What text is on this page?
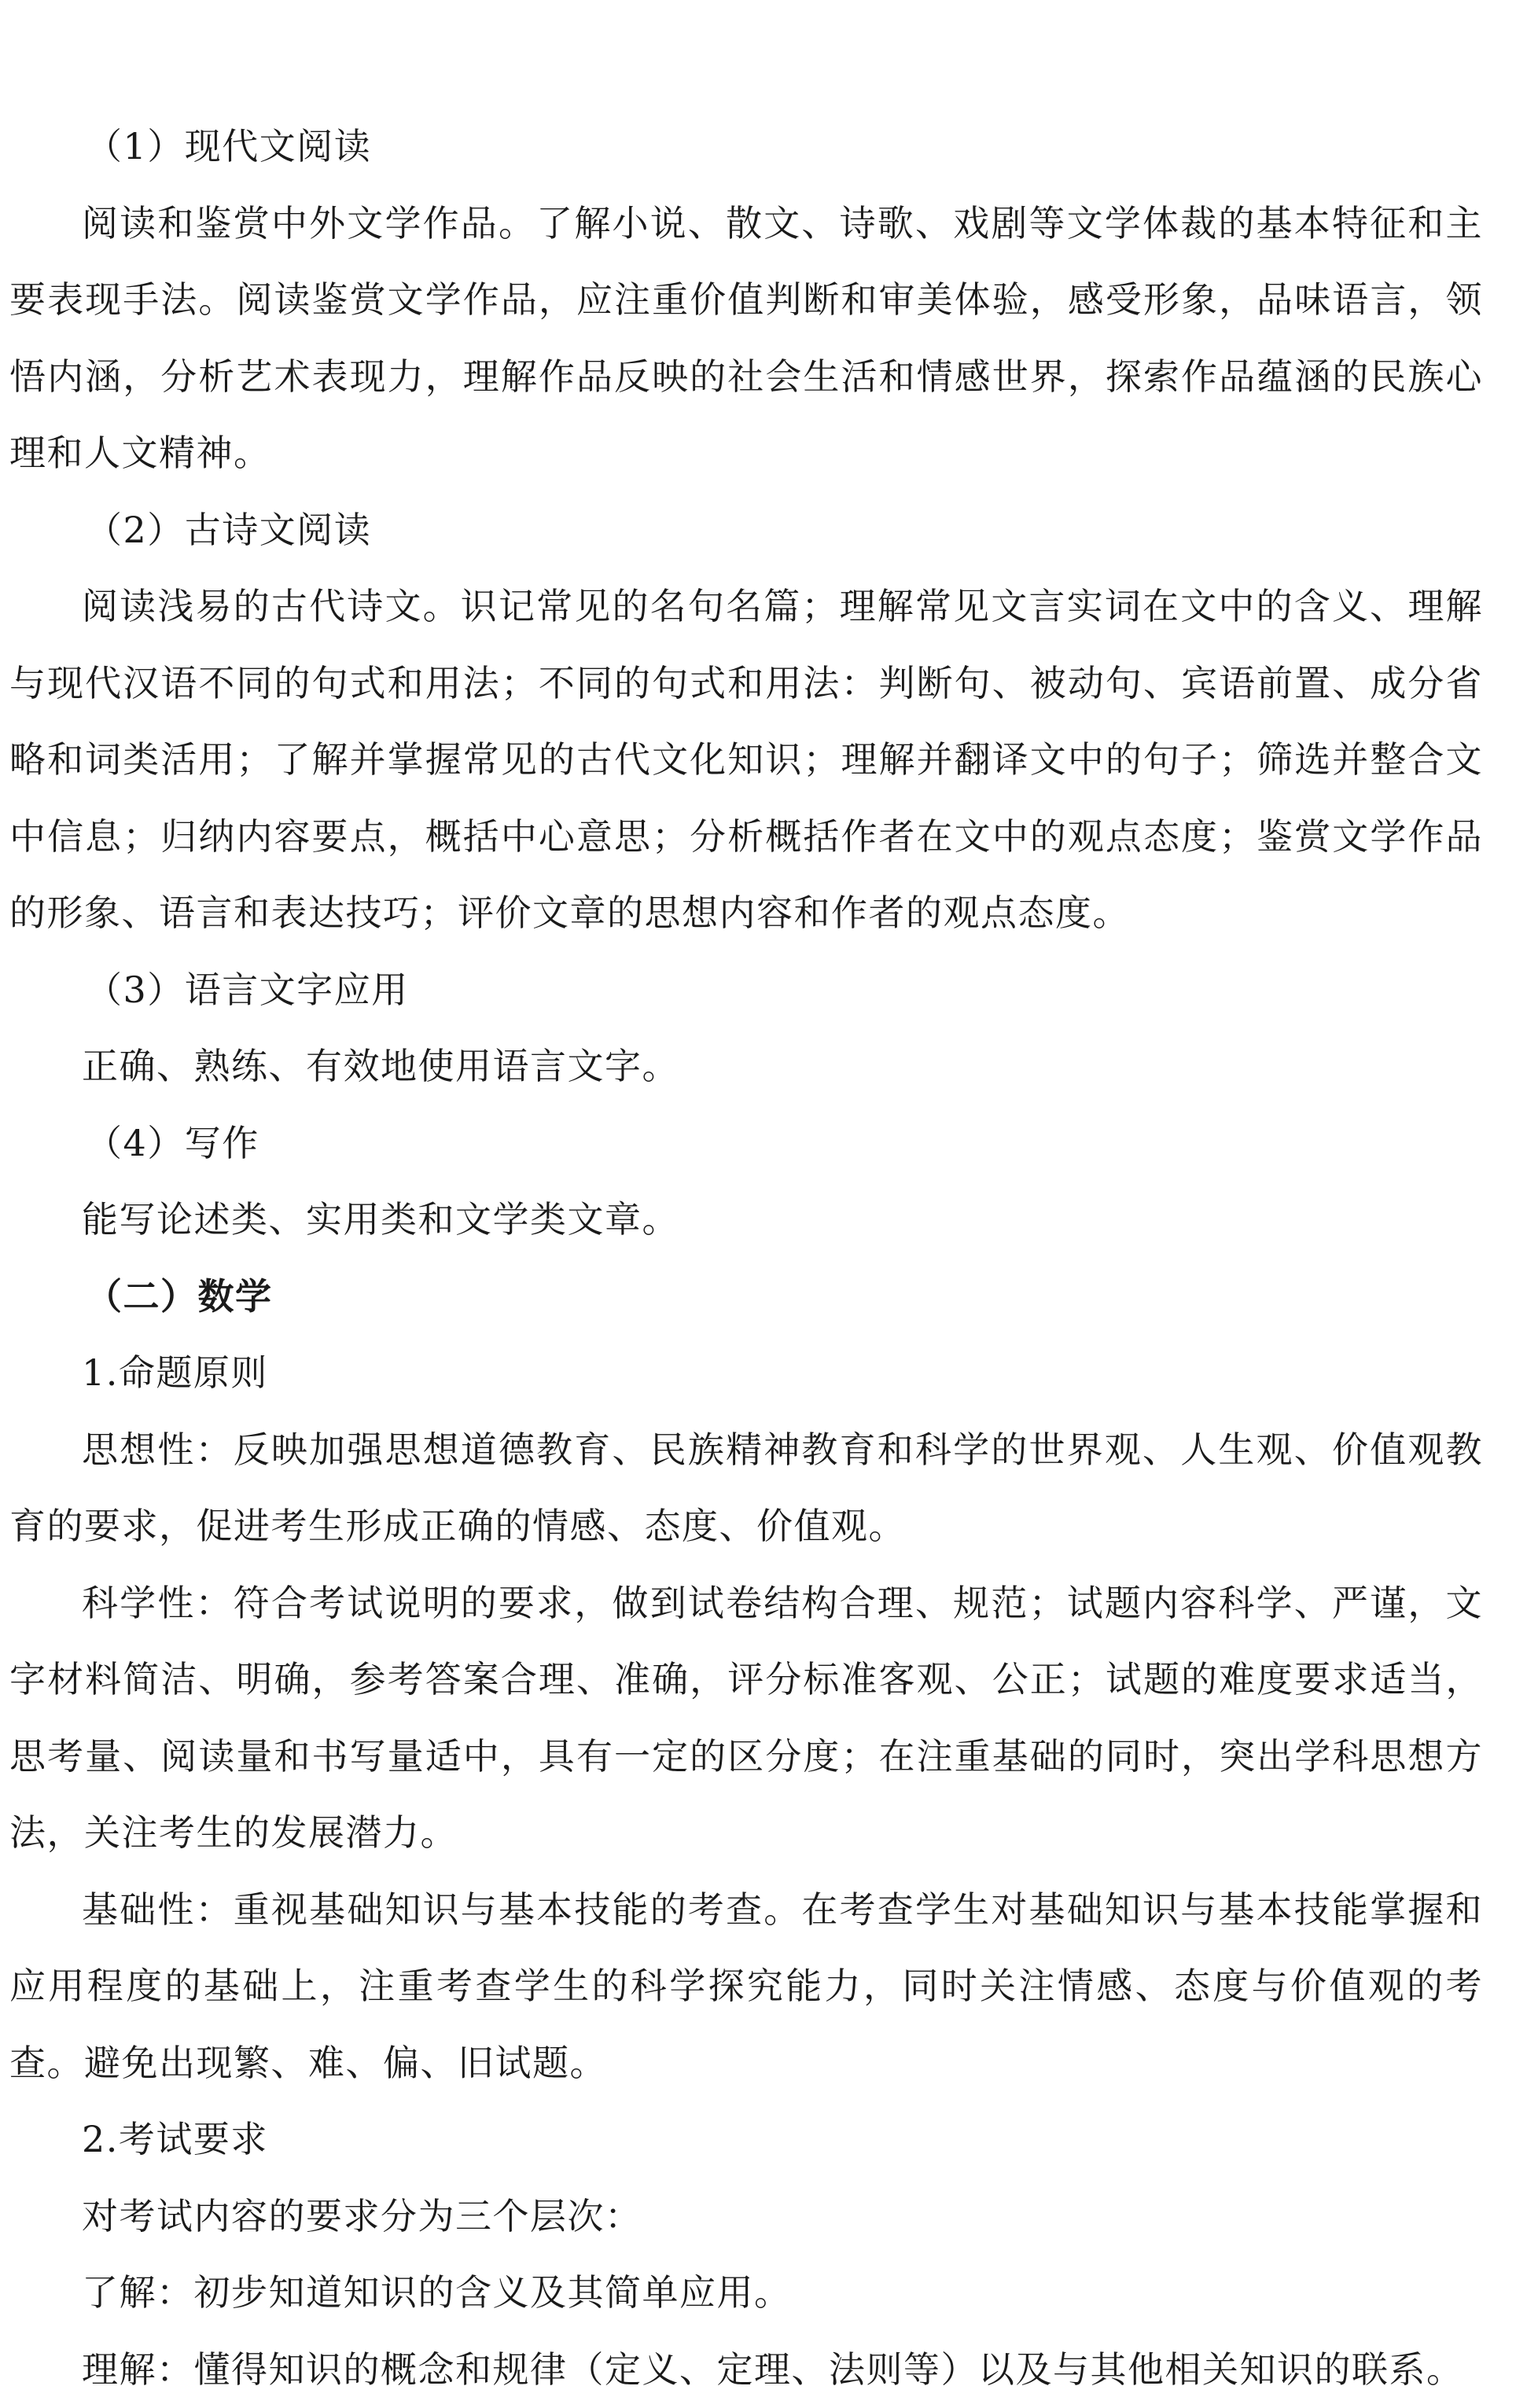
（1）现代文阅读

阅读和鉴赏中外文学作品。了解小说、散文、诗歌、戏剧等文学体裁的基本特征和主要表现手法。阅读鉴赏文学作品，应注重价值判断和审美体验，感受形象，品味语言，领悟内涵，分析艺术表现力，理解作品反映的社会生活和情感世界，探索作品蕴涵的民族心理和人文精神。

（2）古诗文阅读

阅读浅易的古代诗文。识记常见的名句名篇；理解常见文言实词在文中的含义、理解与现代汉语不同的句式和用法；不同的句式和用法：判断句、被动句、宾语前置、成分省略和词类活用；了解并掌握常见的古代文化知识；理解并翻译文中的句子；筛选并整合文中信息；归纳内容要点，概括中心意思；分析概括作者在文中的观点态度；鉴赏文学作品的形象、语言和表达技巧；评价文章的思想内容和作者的观点态度。

（3）语言文字应用

正确、熟练、有效地使用语言文字。

（4）写作

能写论述类、实用类和文学类文章。

（二）数学

1.命题原则

思想性：反映加强思想道德教育、民族精神教育和科学的世界观、人生观、价值观教育的要求，促进考生形成正确的情感、态度、价值观。

科学性：符合考试说明的要求，做到试卷结构合理、规范；试题内容科学、严谨，文字材料简洁、明确，参考答案合理、准确，评分标准客观、公正；试题的难度要求适当，思考量、阅读量和书写量适中，具有一定的区分度；在注重基础的同时，突出学科思想方法，关注考生的发展潜力。

基础性：重视基础知识与基本技能的考查。在考查学生对基础知识与基本技能掌握和应用程度的基础上，注重考查学生的科学探究能力，同时关注情感、态度与价值观的考查。避免出现繁、难、偏、旧试题。

2.考试要求

对考试内容的要求分为三个层次：

了解：初步知道知识的含义及其简单应用。

理解：懂得知识的概念和规律（定义、定理、法则等）以及与其他相关知识的联系。
